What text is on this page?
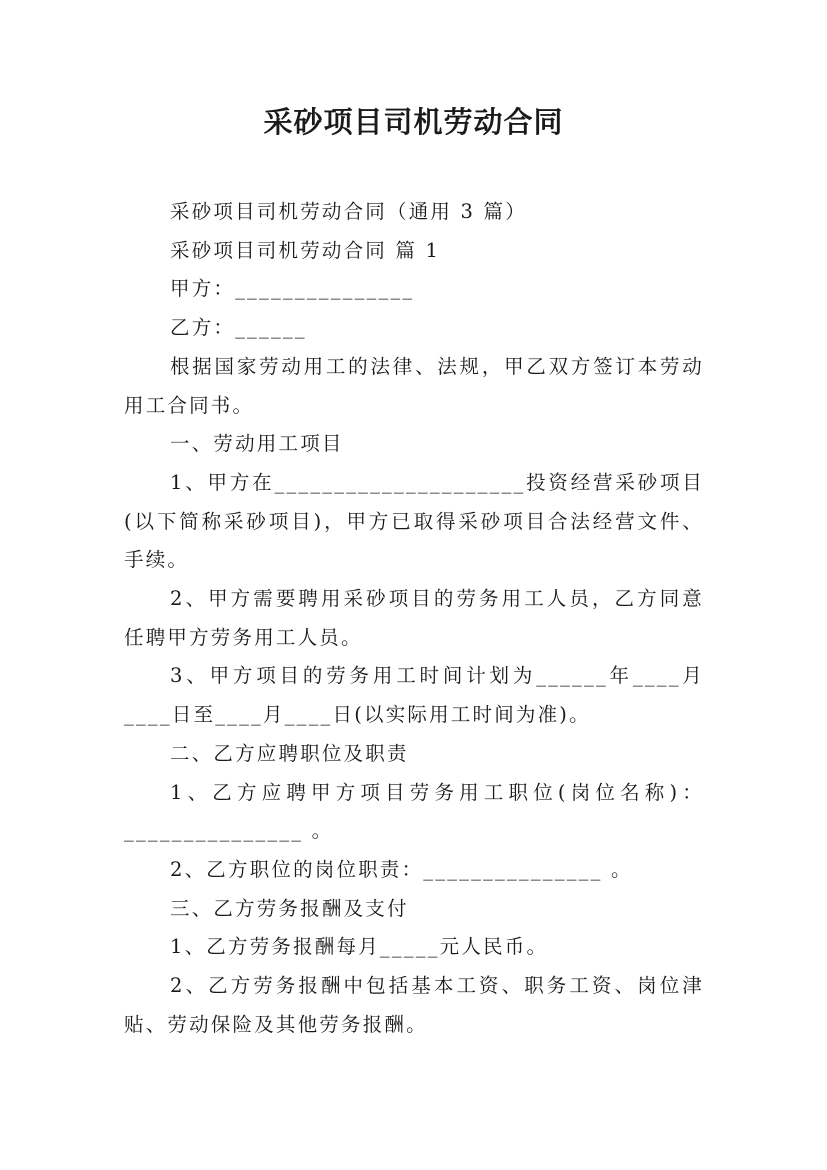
采砂项目司机劳动合同

采砂项目司机劳动合同（通用 3 篇）

采砂项目司机劳动合同 篇 1

甲方：_______________

乙方：______

根据国家劳动用工的法律、法规，甲乙双方签订本劳动用工合同书。

一、劳动用工项目

1、甲方在_____________________投资经营采砂项目(以下简称采砂项目)，甲方已取得采砂项目合法经营文件、手续。

2、甲方需要聘用采砂项目的劳务用工人员，乙方同意任聘甲方劳务用工人员。

3、甲方项目的劳务用工时间计划为______年____月____日至____月____日(以实际用工时间为准)。

二、乙方应聘职位及职责

1、乙方应聘甲方项目劳务用工职位(岗位名称)：_______________ 。

2、乙方职位的岗位职责：_______________ 。

三、乙方劳务报酬及支付

1、乙方劳务报酬每月_____元人民币。

2、乙方劳务报酬中包括基本工资、职务工资、岗位津贴、劳动保险及其他劳务报酬。
